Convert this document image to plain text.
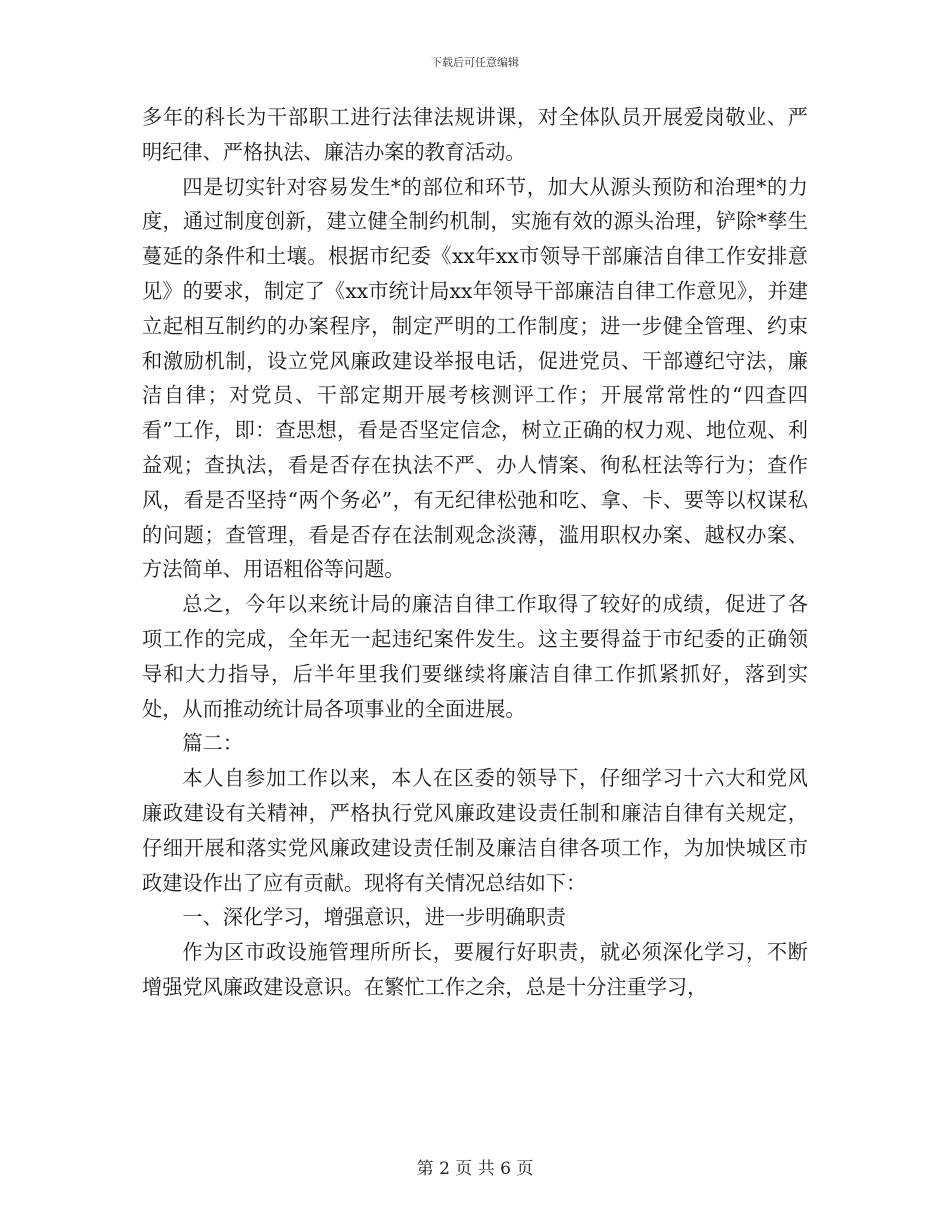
下载后可任意编辑

多年的科长为干部职工进行法律法规讲课，对全体队员开展爱岗敬业、严明纪律、严格执法、廉洁办案的教育活动。

四是切实针对容易发生*的部位和环节，加大从源头预防和治理*的力度，通过制度创新，建立健全制约机制，实施有效的源头治理，铲除*孳生蔓延的条件和土壤。根据市纪委《xx年xx市领导干部廉洁自律工作安排意见》的要求，制定了《xx市统计局xx年领导干部廉洁自律工作意见》，并建立起相互制约的办案程序，制定严明的工作制度；进一步健全管理、约束和激励机制，设立党风廉政建设举报电话，促进党员、干部遵纪守法，廉洁自律；对党员、干部定期开展考核测评工作；开展常常性的“四查四看”工作，即：查思想，看是否坚定信念，树立正确的权力观、地位观、利益观；查执法，看是否存在执法不严、办人情案、徇私枉法等行为；查作风，看是否坚持“两个务必”，有无纪律松弛和吃、拿、卡、要等以权谋私的问题；查管理，看是否存在法制观念淡薄，滥用职权办案、越权办案、方法简单、用语粗俗等问题。

总之，今年以来统计局的廉洁自律工作取得了较好的成绩，促进了各项工作的完成，全年无一起违纪案件发生。这主要得益于市纪委的正确领导和大力指导，后半年里我们要继续将廉洁自律工作抓紧抓好，落到实处，从而推动统计局各项事业的全面进展。

篇二：

本人自参加工作以来，本人在区委的领导下，仔细学习十六大和党风廉政建设有关精神，严格执行党风廉政建设责任制和廉洁自律有关规定，仔细开展和落实党风廉政建设责任制及廉洁自律各项工作，为加快城区市政建设作出了应有贡献。现将有关情况总结如下：

一、深化学习，增强意识，进一步明确职责

作为区市政设施管理所所长，要履行好职责，就必须深化学习，不断增强党风廉政建设意识。在繁忙工作之余，总是十分注重学习，

第 2 页 共 6 页
